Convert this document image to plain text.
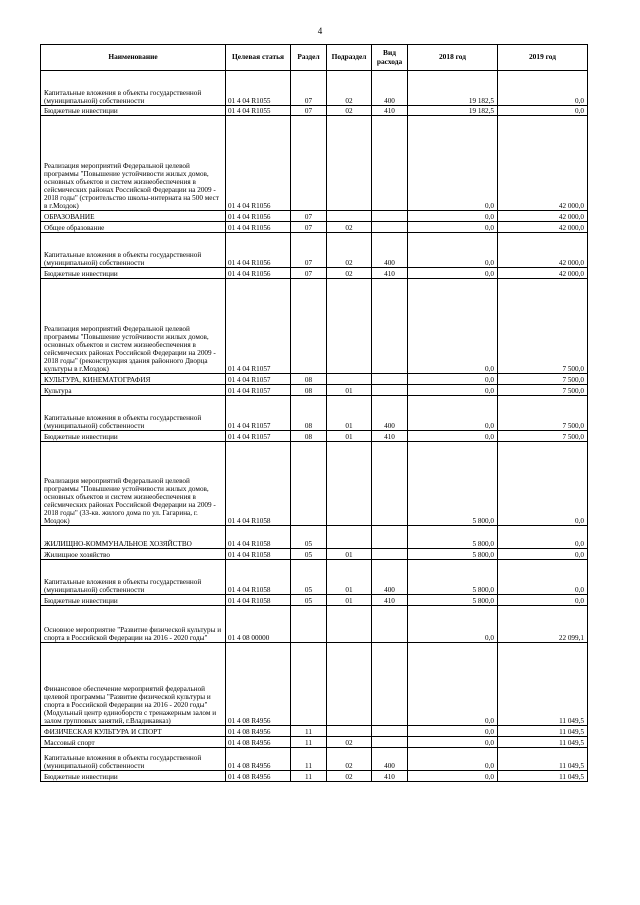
4
Наименование	Целевая статья	Раздел	Подраздел	Вид расхода	2018 год	2019 год
Капитальные вложения в объекты государственной (муниципальной) собственности	01 4 04 R1055	07	02	400	19 182,5	0,0
Бюджетные инвестиции	01 4 04 R1055	07	02	410	19 182,5	0,0
Реализация мероприятий Федеральной целевой программы "Повышение устойчивости жилых домов, основных объектов и систем жизнеобеспечения в сейсмических районах Российской Федерации на 2009 - 2018 годы" (строительство школы-интерната на 500 мест в г.Моздок)	01 4 04 R1056				0,0	42 000,0
ОБРАЗОВАНИЕ	01 4 04 R1056	07			0,0	42 000,0
Общее образование	01 4 04 R1056	07	02		0,0	42 000,0
Капитальные вложения в объекты государственной (муниципальной) собственности	01 4 04 R1056	07	02	400	0,0	42 000,0
Бюджетные инвестиции	01 4 04 R1056	07	02	410	0,0	42 000,0
Реализация мероприятий Федеральной целевой программы "Повышение устойчивости жилых домов, основных объектов и систем жизнеобеспечения в сейсмических районах Российской Федерации на 2009 - 2018 годы" (реконструкция здания районного Дворца культуры в г.Моздок)	01 4 04 R1057				0,0	7 500,0
КУЛЬТУРА, КИНЕМАТОГРАФИЯ	01 4 04 R1057	08			0,0	7 500,0
Культура	01 4 04 R1057	08	01		0,0	7 500,0
Капитальные вложения в объекты государственной (муниципальной) собственности	01 4 04 R1057	08	01	400	0,0	7 500,0
Бюджетные инвестиции	01 4 04 R1057	08	01	410	0,0	7 500,0
Реализация мероприятий Федеральной целевой программы "Повышение устойчивости жилых домов, основных объектов и систем жизнеобеспечения в сейсмических районах Российской Федерации на 2009 - 2018 годы" (33-кв. жилого дома по ул. Гагарина, г. Моздок)	01 4 04 R1058				5 800,0	0,0
ЖИЛИЩНО-КОММУНАЛЬНОЕ ХОЗЯЙСТВО	01 4 04 R1058	05			5 800,0	0,0
Жилищное хозяйство	01 4 04 R1058	05	01		5 800,0	0,0
Капитальные вложения в объекты государственной (муниципальной) собственности	01 4 04 R1058	05	01	400	5 800,0	0,0
Бюджетные инвестиции	01 4 04 R1058	05	01	410	5 800,0	0,0
Основное мероприятие "Развитие физической культуры и спорта в Российской Федерации на 2016 - 2020 годы"	01 4 08 00000				0,0	22 099,1
Финансовое обеспечение мероприятий федеральной целевой программы "Развитие физической культуры и спорта в Российской Федерации на 2016 - 2020 годы" (Модульный центр единоборств с тренажерным залом и залом групповых занятий, г.Владикавказ)	01 4 08 R4956				0,0	11 049,5
ФИЗИЧЕСКАЯ КУЛЬТУРА И СПОРТ	01 4 08 R4956	11			0,0	11 049,5
Массовый спорт	01 4 08 R4956	11	02		0,0	11 049,5
Капитальные вложения в объекты государственной (муниципальной) собственности	01 4 08 R4956	11	02	400	0,0	11 049,5
Бюджетные инвестиции	01 4 08 R4956	11	02	410	0,0	11 049,5
